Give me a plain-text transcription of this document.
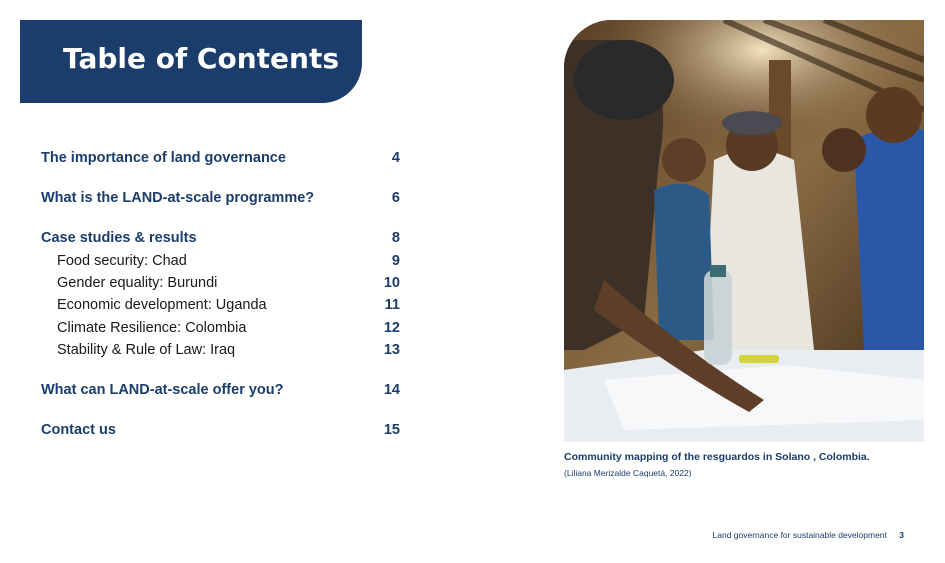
Table of Contents
The importance of land governance	4
What is the LAND-at-scale programme?	6
Case studies & results	8
Food security: Chad	9
Gender equality: Burundi	10
Economic development: Uganda	11
Climate Resilience: Colombia	12
Stability & Rule of Law: Iraq	13
What can LAND-at-scale offer you?	14
Contact us	15
Community mapping of the resguardos in Solano , Colombia.
(Liliana Merizalde Caquetá, 2022)
Land governance for sustainable development 3
